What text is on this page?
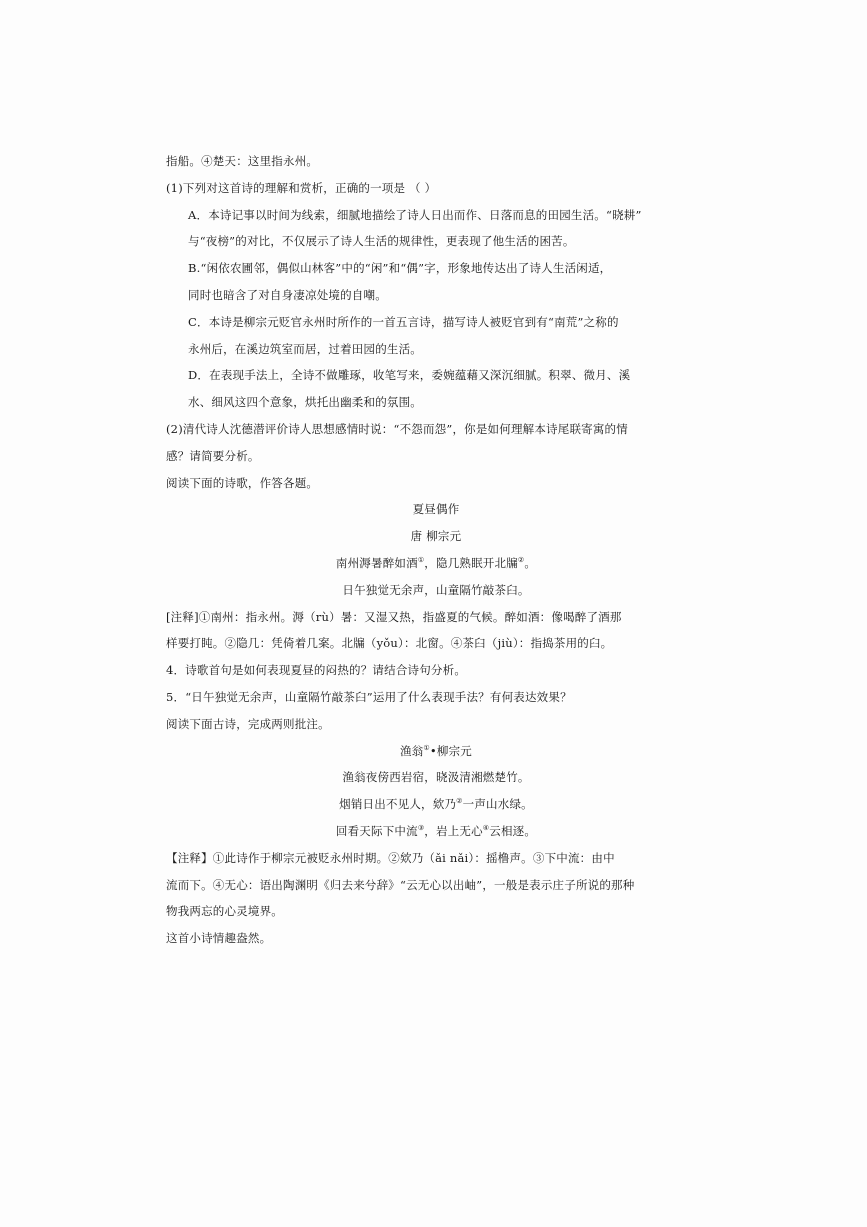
指船。④楚天：这里指永州。
(1)下列对这首诗的理解和赏析，正确的一项是 （ ）
A．本诗记事以时间为线索，细腻地描绘了诗人日出而作、日落而息的田园生活。“晓耕”
与“夜榜”的对比，不仅展示了诗人生活的规律性，更表现了他生活的困苦。
B.“闲依农圃邻，偶似山林客”中的“闲”和“偶”字，形象地传达出了诗人生活闲适，
同时也暗含了对自身凄凉处境的自嘲。
C．本诗是柳宗元贬官永州时所作的一首五言诗，描写诗人被贬官到有“南荒”之称的
永州后，在溪边筑室而居，过着田园的生活。
D．在表现手法上，全诗不做雕琢，收笔写来，委婉蕴藉又深沉细腻。积翠、微月、溪
水、细风这四个意象，烘托出幽柔和的氛围。
(2)清代诗人沈德潜评价诗人思想感情时说：“不怨而怨”，你是如何理解本诗尾联寄寓的情
感？请简要分析。
阅读下面的诗歌，作答各题。
夏昼偶作
唐 柳宗元
南州溽暑醉如酒①，隐几熟眠开北牖②。
日午独觉无余声，山童隔竹敲茶臼。
[注释]①南州：指永州。溽（rù）暑：又湿又热，指盛夏的气候。醉如酒：像喝醉了酒那
样要打盹。②隐几：凭倚着几案。北牖（yǒu）：北窗。④茶臼（jiù）：指捣茶用的臼。
4．诗歌首句是如何表现夏昼的闷热的？请结合诗句分析。
5．“日午独觉无余声，山童隔竹敲茶臼”运用了什么表现手法？有何表达效果？
阅读下面古诗，完成两则批注。
渔翁①•柳宗元
渔翁夜傍西岩宿，晓汲清湘燃楚竹。
烟销日出不见人，欸乃②一声山水绿。
回看天际下中流③，岩上无心④云相逐。
【注释】①此诗作于柳宗元被贬永州时期。②欸乃（ǎi nǎi）：摇橹声。③下中流：由中
流而下。④无心：语出陶渊明《归去来兮辞》“云无心以出岫”，一般是表示庄子所说的那种
物我两忘的心灵境界。
这首小诗情趣盎然。
